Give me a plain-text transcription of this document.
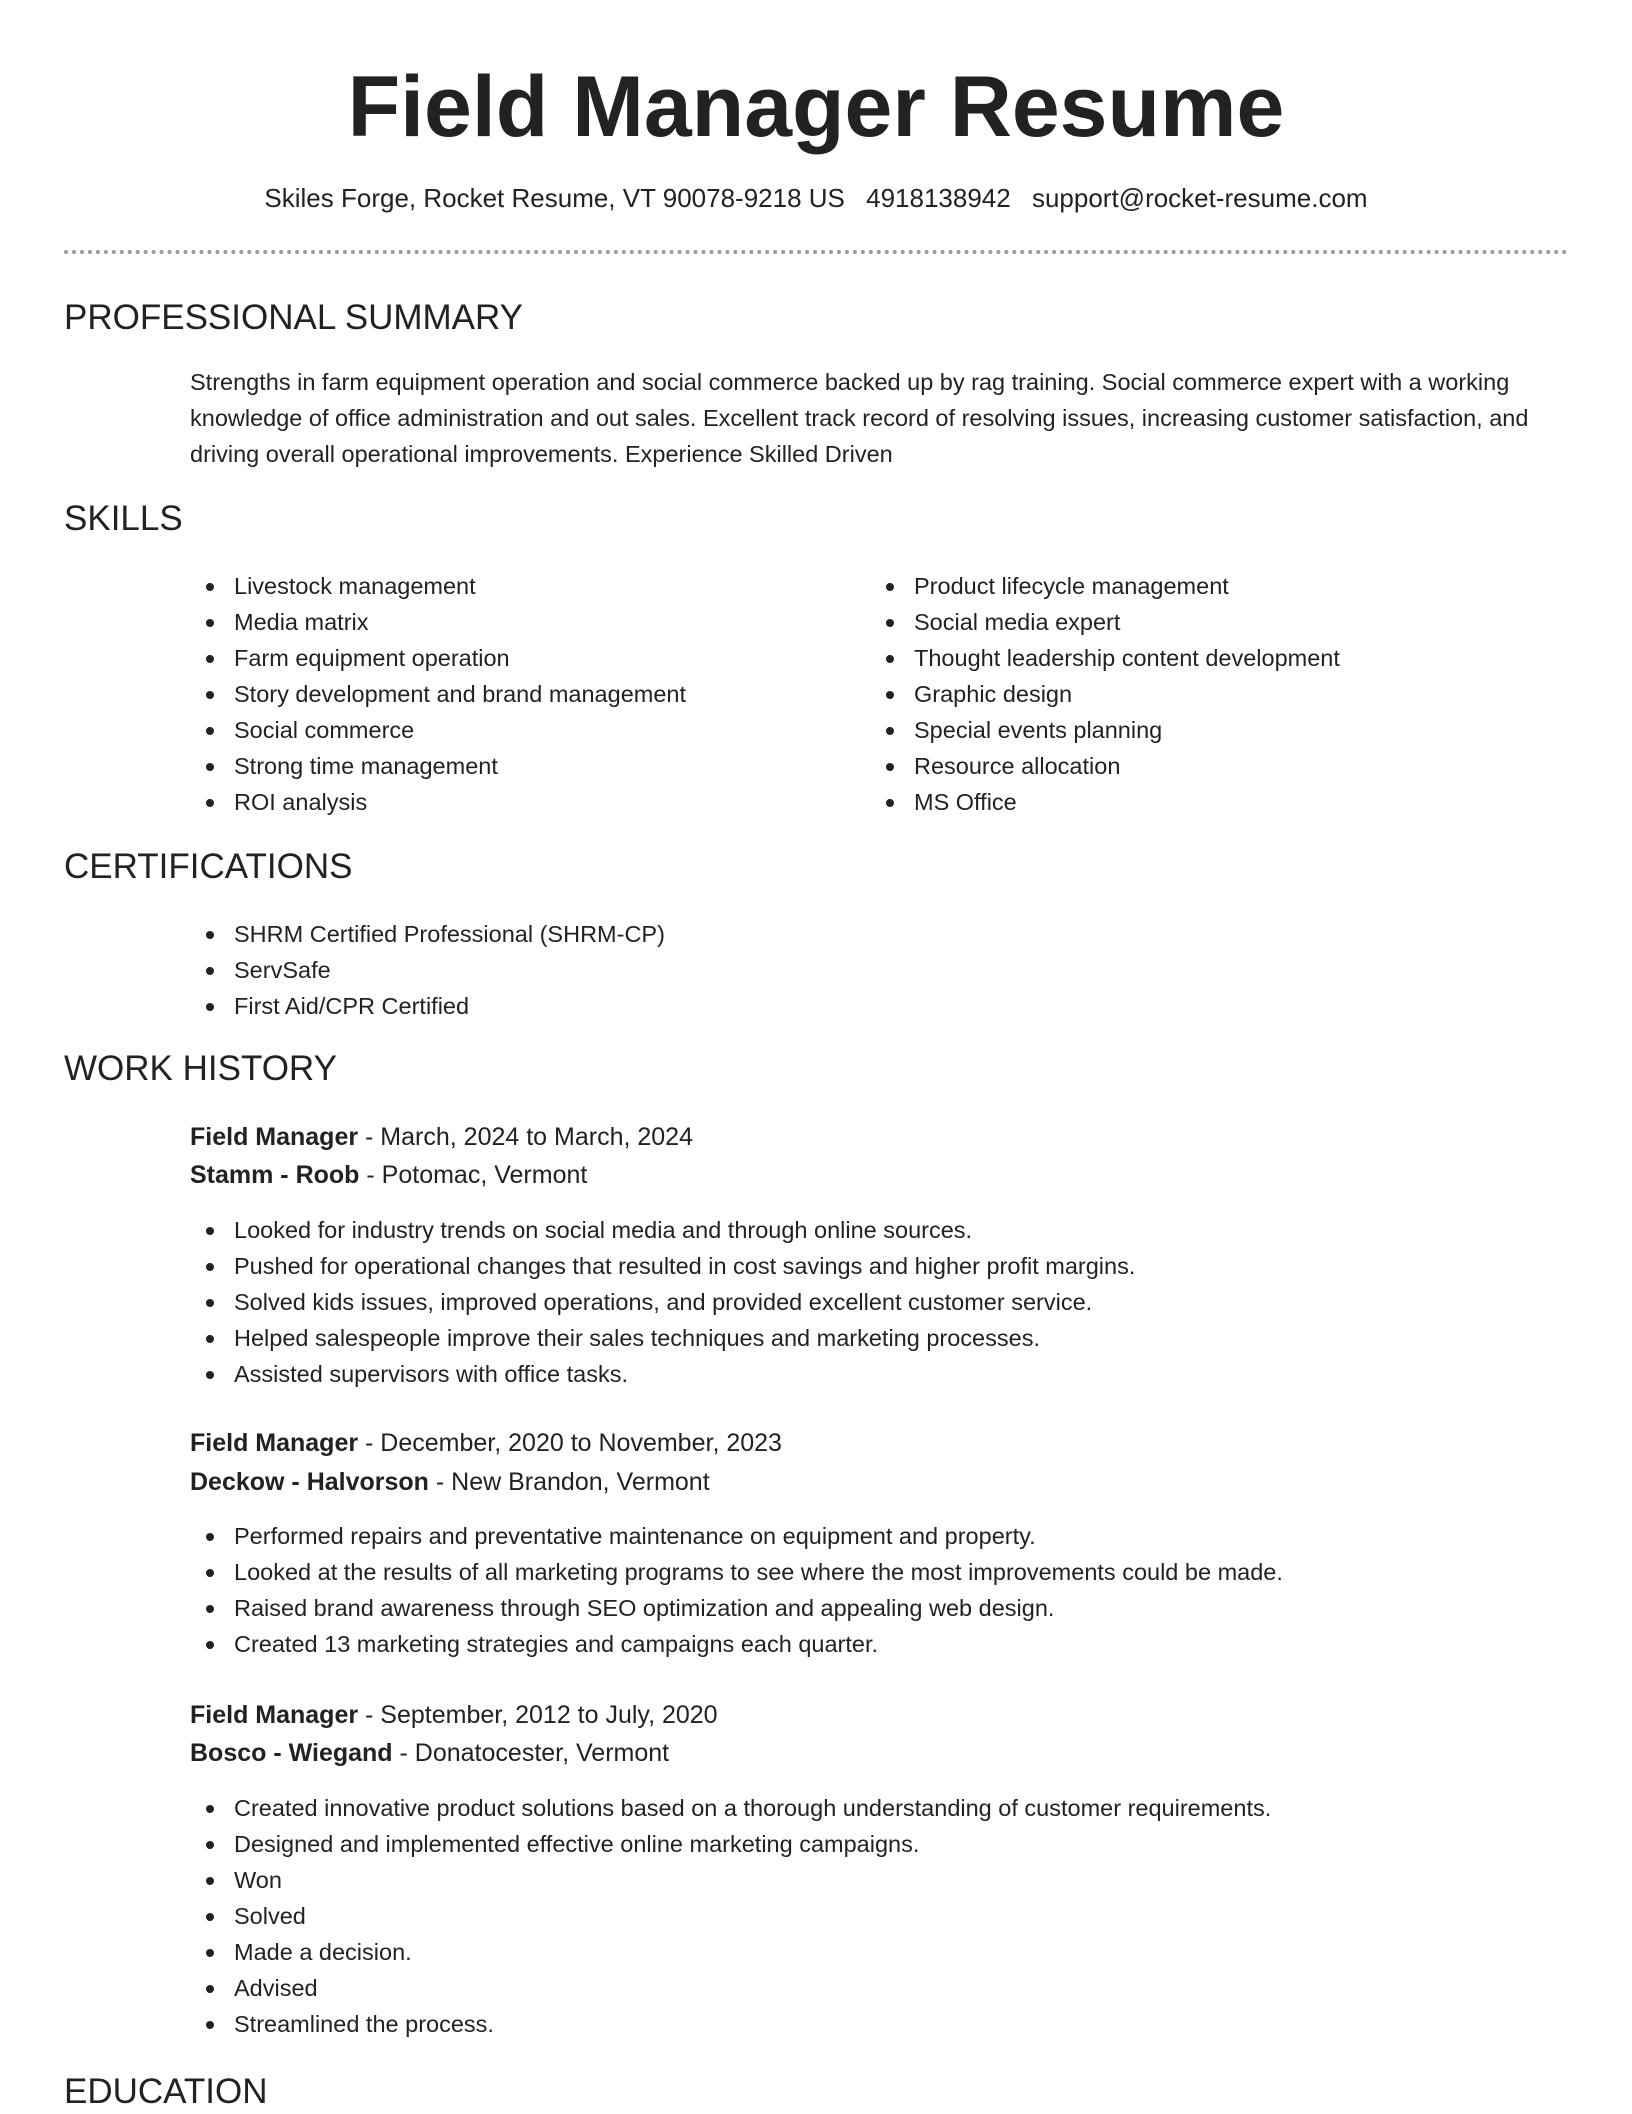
Field Manager Resume
Skiles Forge, Rocket Resume, VT 90078-9218 US 4918138942 support@rocket-resume.com
PROFESSIONAL SUMMARY

Strengths in farm equipment operation and social commerce backed up by rag training. Social commerce expert with a working knowledge of office administration and out sales. Excellent track record of resolving issues, increasing customer satisfaction, and driving overall operational improvements. Experience Skilled Driven

SKILLS
Livestock management
Media matrix
Farm equipment operation
Story development and brand management
Social commerce
Strong time management
ROI analysis
Product lifecycle management
Social media expert
Thought leadership content development
Graphic design
Special events planning
Resource allocation
MS Office
CERTIFICATIONS
SHRM Certified Professional (SHRM-CP)
ServSafe
First Aid/CPR Certified
WORK HISTORY
Field Manager - March, 2024 to March, 2024
Stamm - Roob - Potomac, Vermont
Looked for industry trends on social media and through online sources.
Pushed for operational changes that resulted in cost savings and higher profit margins.
Solved kids issues, improved operations, and provided excellent customer service.
Helped salespeople improve their sales techniques and marketing processes.
Assisted supervisors with office tasks.
Field Manager - December, 2020 to November, 2023
Deckow - Halvorson - New Brandon, Vermont
Performed repairs and preventative maintenance on equipment and property.
Looked at the results of all marketing programs to see where the most improvements could be made.
Raised brand awareness through SEO optimization and appealing web design.
Created 13 marketing strategies and campaigns each quarter.
Field Manager - September, 2012 to July, 2020
Bosco - Wiegand - Donatocester, Vermont
Created innovative product solutions based on a thorough understanding of customer requirements.
Designed and implemented effective online marketing campaigns.
Won
Solved
Made a decision.
Advised
Streamlined the process.
EDUCATION
